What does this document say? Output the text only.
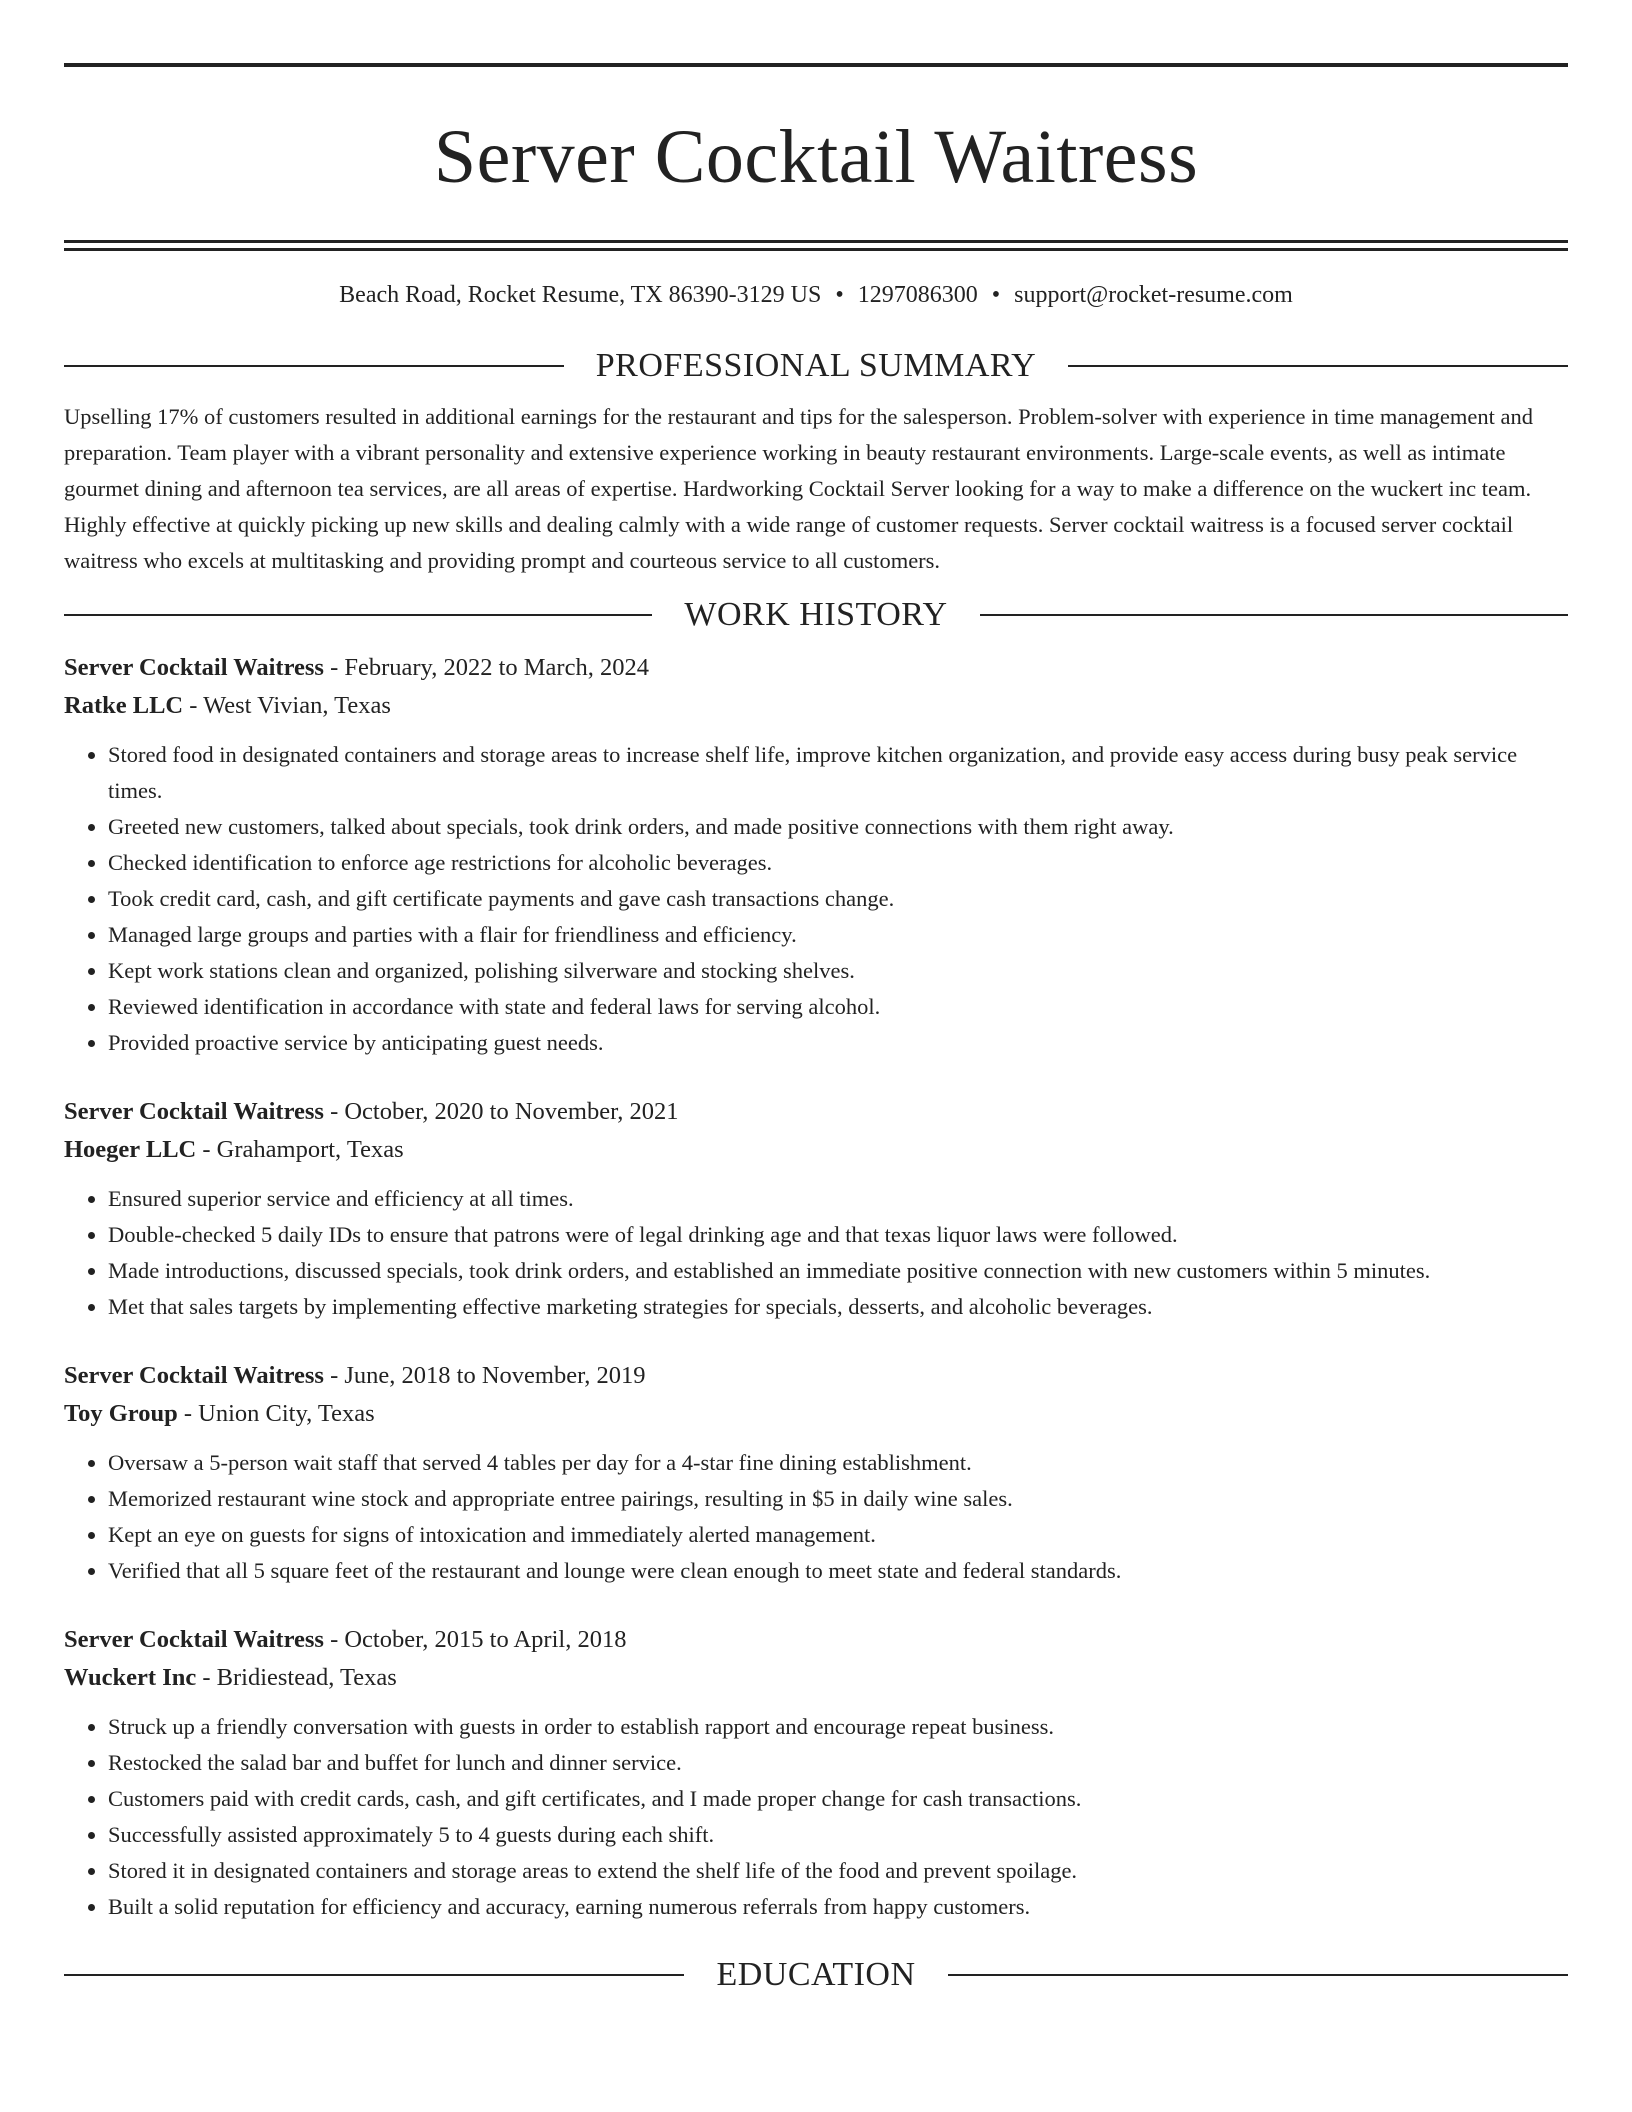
Server Cocktail Waitress
Beach Road, Rocket Resume, TX 86390-3129 US • 1297086300 • support@rocket-resume.com
PROFESSIONAL SUMMARY

Upselling 17% of customers resulted in additional earnings for the restaurant and tips for the salesperson. Problem-solver with experience in time management and preparation. Team player with a vibrant personality and extensive experience working in beauty restaurant environments. Large-scale events, as well as intimate gourmet dining and afternoon tea services, are all areas of expertise. Hardworking Cocktail Server looking for a way to make a difference on the wuckert inc team. Highly effective at quickly picking up new skills and dealing calmly with a wide range of customer requests. Server cocktail waitress is a focused server cocktail waitress who excels at multitasking and providing prompt and courteous service to all customers.

WORK HISTORY
Server Cocktail Waitress - February, 2022 to March, 2024
Ratke LLC - West Vivian, Texas
• Stored food in designated containers and storage areas to increase shelf life, improve kitchen organization, and provide easy access during busy peak service times.
• Greeted new customers, talked about specials, took drink orders, and made positive connections with them right away.
• Checked identification to enforce age restrictions for alcoholic beverages.
• Took credit card, cash, and gift certificate payments and gave cash transactions change.
• Managed large groups and parties with a flair for friendliness and efficiency.
• Kept work stations clean and organized, polishing silverware and stocking shelves.
• Reviewed identification in accordance with state and federal laws for serving alcohol.
• Provided proactive service by anticipating guest needs.
Server Cocktail Waitress - October, 2020 to November, 2021
Hoeger LLC - Grahamport, Texas
• Ensured superior service and efficiency at all times.
• Double-checked 5 daily IDs to ensure that patrons were of legal drinking age and that texas liquor laws were followed.
• Made introductions, discussed specials, took drink orders, and established an immediate positive connection with new customers within 5 minutes.
• Met that sales targets by implementing effective marketing strategies for specials, desserts, and alcoholic beverages.
Server Cocktail Waitress - June, 2018 to November, 2019
Toy Group - Union City, Texas
• Oversaw a 5-person wait staff that served 4 tables per day for a 4-star fine dining establishment.
• Memorized restaurant wine stock and appropriate entree pairings, resulting in $5 in daily wine sales.
• Kept an eye on guests for signs of intoxication and immediately alerted management.
• Verified that all 5 square feet of the restaurant and lounge were clean enough to meet state and federal standards.
Server Cocktail Waitress - October, 2015 to April, 2018
Wuckert Inc - Bridiestead, Texas
• Struck up a friendly conversation with guests in order to establish rapport and encourage repeat business.
• Restocked the salad bar and buffet for lunch and dinner service.
• Customers paid with credit cards, cash, and gift certificates, and I made proper change for cash transactions.
• Successfully assisted approximately 5 to 4 guests during each shift.
• Stored it in designated containers and storage areas to extend the shelf life of the food and prevent spoilage.
• Built a solid reputation for efficiency and accuracy, earning numerous referrals from happy customers.
EDUCATION
